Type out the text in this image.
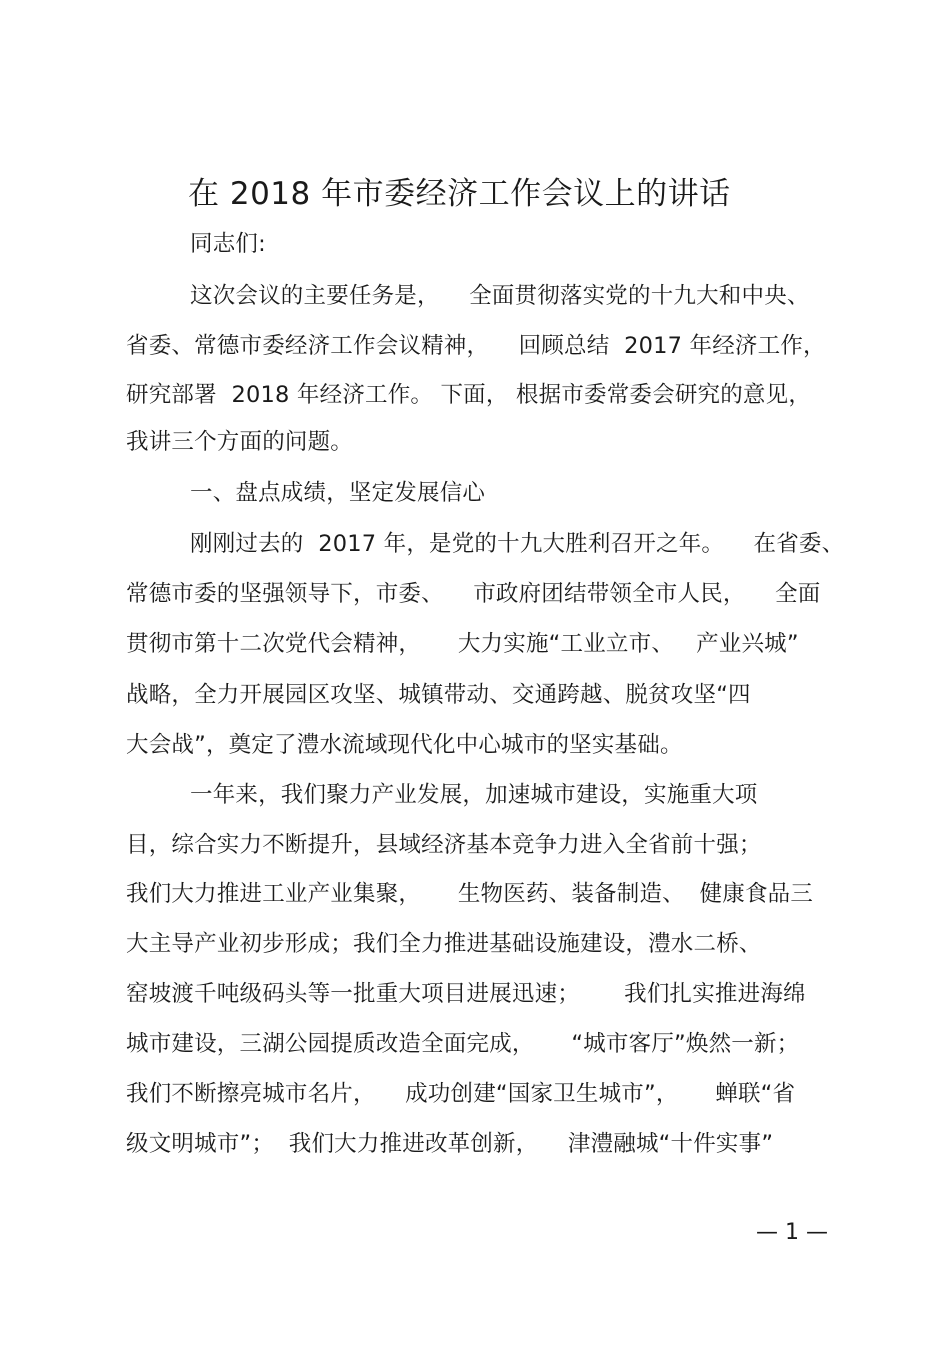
在 2018 年市委经济工作会议上的讲话
同志们:
这次会议的主要任务是，    全面贯彻落实党的十九大和中央、
省委、常德市委经济工作会议精神，    回顾总结  2017 年经济工作，
研究部署  2018 年经济工作。 下面， 根据市委常委会研究的意见，
我讲三个方面的问题。
一、盘点成绩，坚定发展信心
刚刚过去的  2017 年，是党的十九大胜利召开之年。    在省委、
常德市委的坚强领导下，市委、    市政府团结带领全市人民，    全面
贯彻市第十二次党代会精神，     大力实施“工业立市、   产业兴城”
战略，全力开展园区攻坚、城镇带动、交通跨越、脱贫攻坚“四
大会战”，奠定了澧水流域现代化中心城市的坚实基础。
一年来，我们聚力产业发展，加速城市建设，实施重大项
目，综合实力不断提升，县域经济基本竞争力进入全省前十强；
我们大力推进工业产业集聚，     生物医药、装备制造、  健康食品三
大主导产业初步形成；我们全力推进基础设施建设，澧水二桥、
窑坡渡千吨级码头等一批重大项目进展迅速；      我们扎实推进海绵
城市建设，三湖公园提质改造全面完成，     “城市客厅”焕然一新；
我们不断擦亮城市名片，    成功创建“国家卫生城市”，     蝉联“省
级文明城市”；  我们大力推进改革创新，    津澧融城“十件实事”
— 1 —
